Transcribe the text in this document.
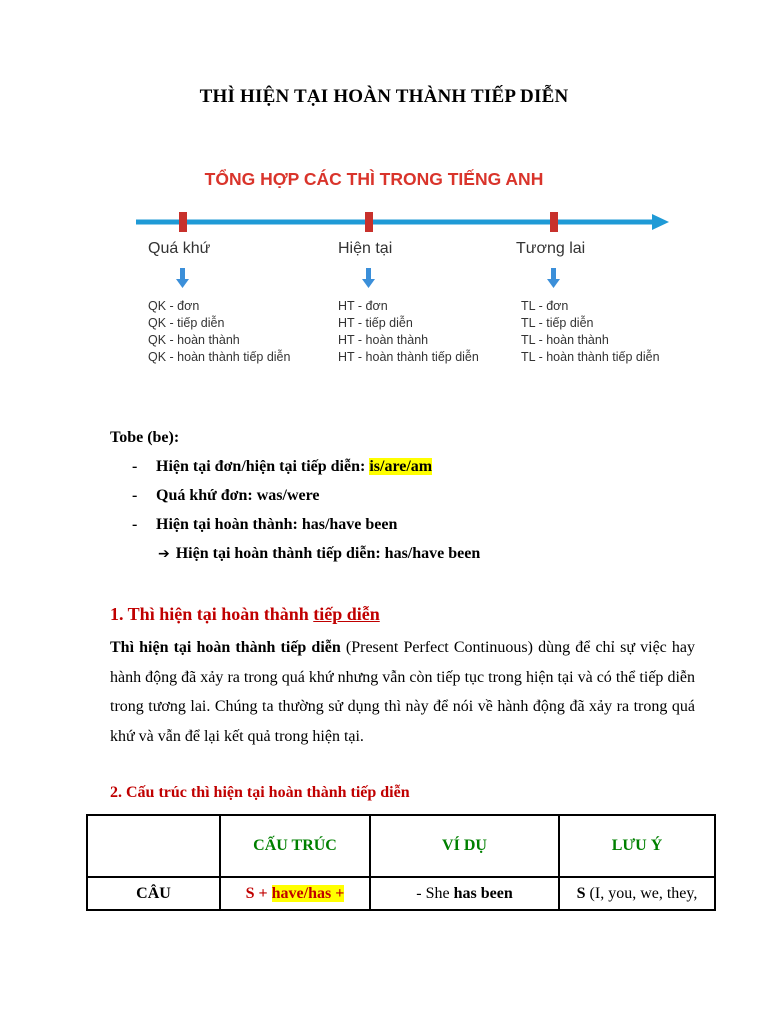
THÌ HIỆN TẠI HOÀN THÀNH TIẾP DIỄN
TỔNG HỢP CÁC THÌ TRONG TIẾNG ANH
Quá khứ	Hiện tại	Tương lai
QK - đơn
QK - tiếp diễn
QK - hoàn thành
QK - hoàn thành tiếp diễn
HT - đơn
HT - tiếp diễn
HT - hoàn thành
HT - hoàn thành tiếp diễn
TL - đơn
TL - tiếp diễn
TL - hoàn thành
TL - hoàn thành tiếp diễn
Tobe (be):
- Hiện tại đơn/hiện tại tiếp diễn: is/are/am
- Quá khứ đơn: was/were
- Hiện tại hoàn thành: has/have been
➔ Hiện tại hoàn thành tiếp diễn: has/have been
1. Thì hiện tại hoàn thành tiếp diễn
Thì hiện tại hoàn thành tiếp diễn (Present Perfect Continuous) dùng để chỉ sự việc hay hành động đã xảy ra trong quá khứ nhưng vẫn còn tiếp tục trong hiện tại và có thể tiếp diễn trong tương lai. Chúng ta thường sử dụng thì này để nói về hành động đã xảy ra trong quá khứ và vẫn để lại kết quả trong hiện tại.
2. Cấu trúc thì hiện tại hoàn thành tiếp diễn
	CẤU TRÚC	VÍ DỤ	LƯU Ý
CÂU	S + have/has +	- She has been	S (I, you, we, they,
